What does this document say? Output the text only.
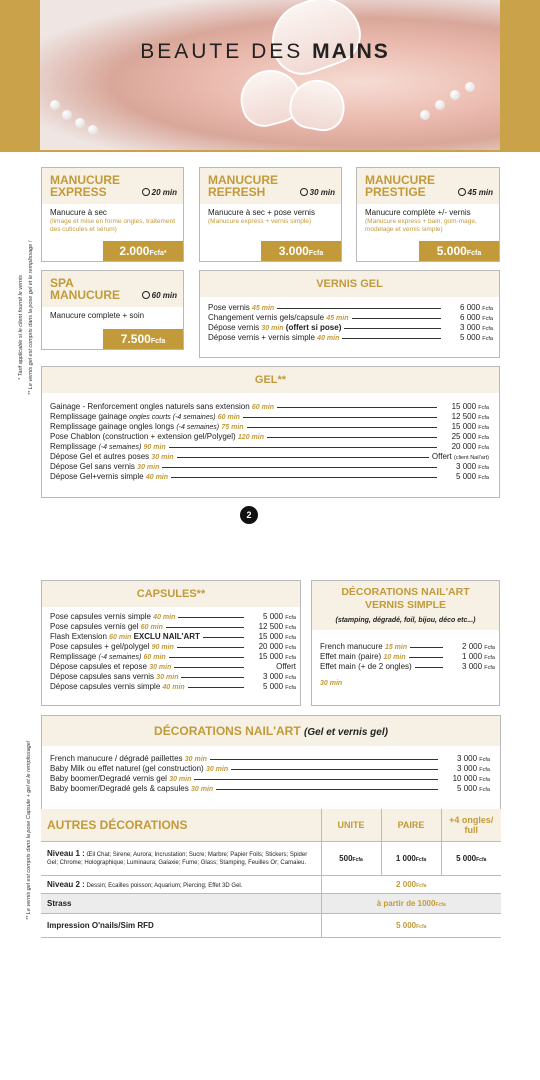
BEAUTE DES MAINS
* Tarif applicable si le client fournit le vernis ** Le vernis gel est compris dans la pose gel et le remplissage !
MANUCURE
EXPRESS	20 min
Manucure à sec
(limage et mise en forme ongles, traitement des cuticules et sérum)
2.000Fcfa*
MANUCURE
REFRESH	30 min
Manucure à sec + pose vernis
(Manucure express + vernis simple)
3.000Fcfa
MANUCURE
PRESTIGE	45 min
Manucure complète +/- vernis
(Manucure express + bain, gom-mage, modelage et vernis simple)
5.000Fcfa
SPA
MANUCURE	60 min
Manucure complete + soin
7.500Fcfa
VERNIS GEL
Pose vernis 45 min	6 000 Fcfa
Changement vernis gels/capsule 45 min	6 000 Fcfa
Dépose vernis 30 min (offert si pose)	3 000 Fcfa
Dépose vernis + vernis simple 40 min	5 000 Fcfa
GEL**
Gainage - Renforcement ongles naturels sans extension 60 min	15 000 Fcfa
Remplissage gainage ongles courts (-4 semaines) 60 min	12 500 Fcfa
Remplissage gainage ongles longs (-4 semaines) 75 min	15 000 Fcfa
Pose Chablon (construction + extension gel/Polygel) 120 min	25 000 Fcfa
Remplissage (-4 semaines) 90 min	20 000 Fcfa
Dépose Gel et autres poses 30 min	Offert (client Nail'art)
Dépose Gel sans vernis 30 min	3 000 Fcfa
Dépose Gel+vernis simple 40 min	5 000 Fcfa
2
CAPSULES**
Pose capsules vernis simple 40 min	5 000 Fcfa
Pose capsules vernis gel 60 min	12 500 Fcfa
Flash Extension 60 min EXCLU NAIL'ART	15 000 Fcfa
Pose capsules + gel/polygel 90 min	20 000 Fcfa
Remplissage (-4 semaines) 60 min	15 000 Fcfa
Dépose capsules et repose 30 min	Offert
Dépose capsules sans vernis 30 min	3 000 Fcfa
Dépose capsules vernis simple 40 min	5 000 Fcfa
DÉCORATIONS NAIL'ART
VERNIS SIMPLE
(stamping, dégradé, foil, bijou, déco etc...)
French manucure 15 min	2 000 Fcfa
Effet main (paire) 10 min	1 000 Fcfa
Effet main (+ de 2 ongles)	3 000 Fcfa
30 min
** Le vernis gel est compris dans la pose Capsule + gel et le remplissage!
DÉCORATIONS NAIL'ART (Gel et vernis gel)
French manucure / dégradé paillettes 30 min	3 000 Fcfa
Baby Milk ou effet naturel (gel construction) 30 min	3 000 Fcfa
Baby boomer/Degradé vernis gel 30 min	10 000 Fcfa
Baby boomer/Degradé gels & capsules 30 min	5 000 Fcfa
AUTRES DÉCORATIONS	UNITE	PAIRE	+4 ongles/ full
Niveau 1 : Œil Chat; Sirene; Aurora; Incrustation; Sucre; Marbre; Papier Foils; Stickers; Spider Gel; Chrome; Holographique; Luminaura; Galaxie; Fume; Glass; Stamping, Feuilles Or; Camaieu.	500Fcfa	1 000Fcfa	5 000Fcfa
Niveau 2 : Dessin; Ecailles poisson; Aquarium; Piercing; Effet 3D Gel.	2 000Fcfa		
Strass	à partir de 1000Fcfa		
Impression O'nails/Sim RFD	5 000Fcfa		
